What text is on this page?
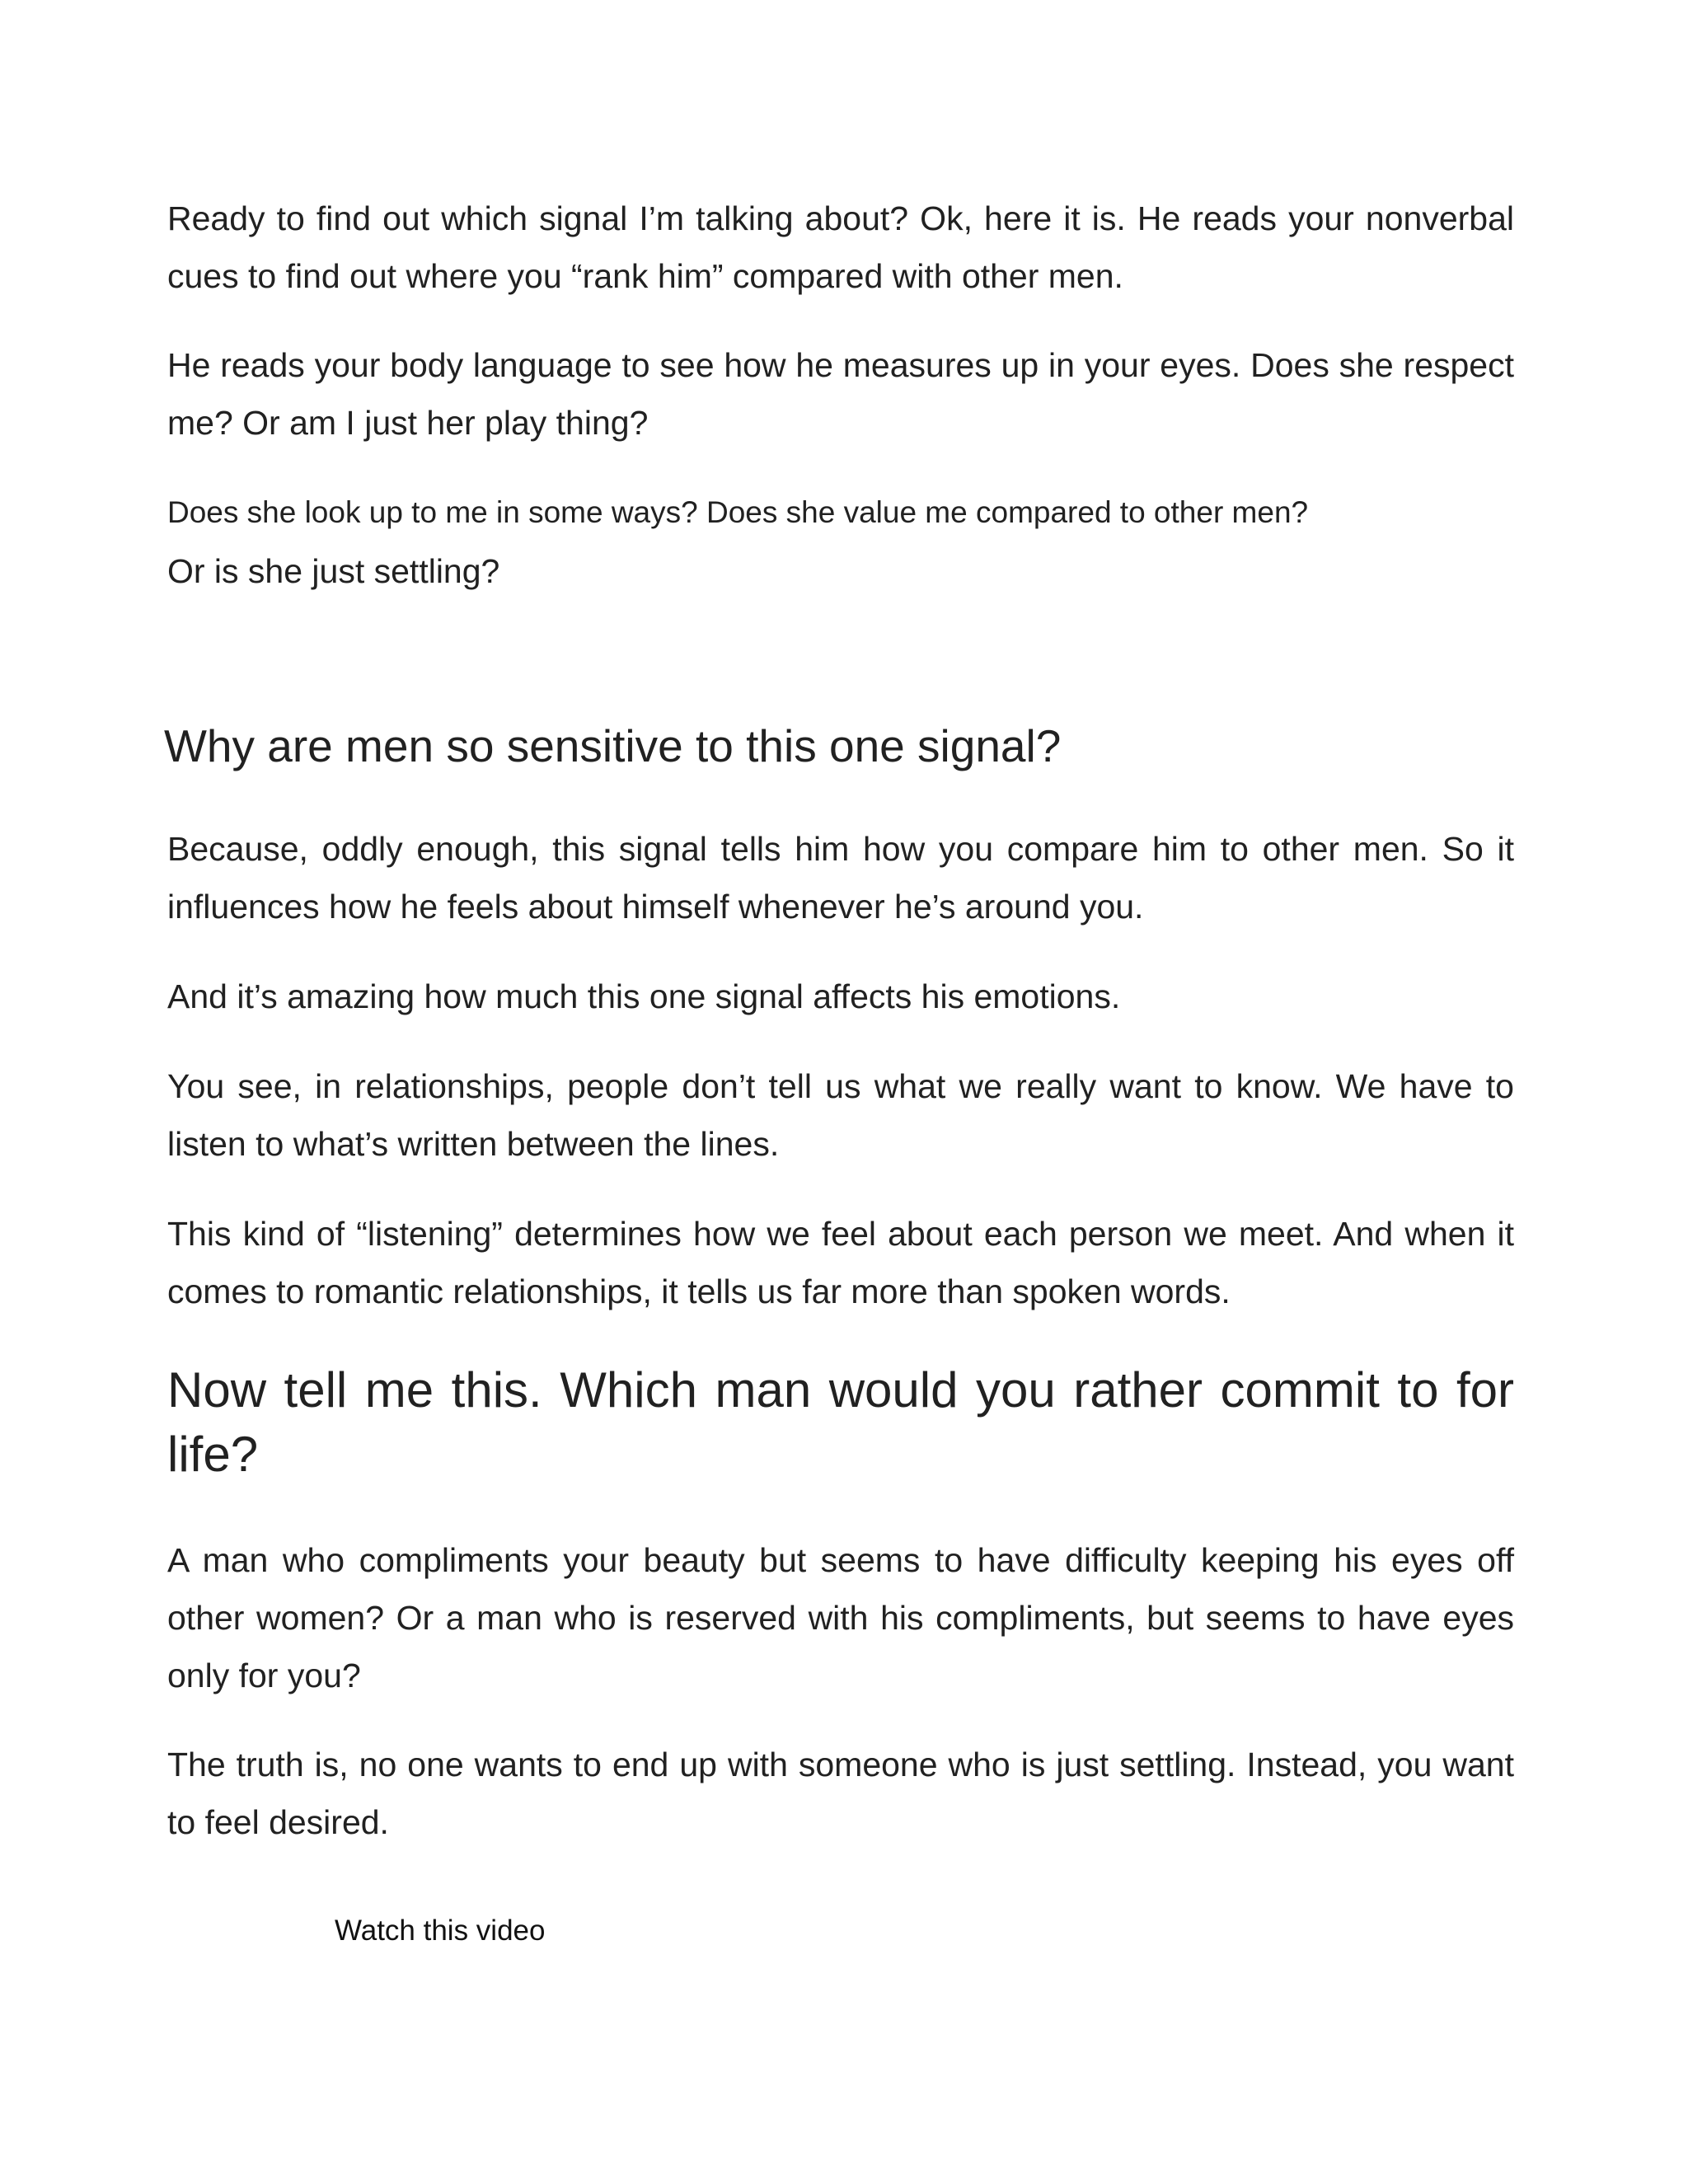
Ready to find out which signal I’m talking about? Ok, here it is. He reads your nonverbal cues to find out where you “rank him” compared with other men.

He reads your body language to see how he measures up in your eyes. Does she respect me? Or am I just her play thing?

Does she look up to me in some ways? Does she value me compared to other men?

Or is she just settling?

Why are men so sensitive to this one signal?

Because, oddly enough, this signal tells him how you compare him to other men. So it influences how he feels about himself whenever he’s around you.

And it’s amazing how much this one signal affects his emotions.

You see, in relationships, people don’t tell us what we really want to know. We have to listen to what’s written between the lines.

This kind of “listening” determines how we feel about each person we meet. And when it comes to romantic relationships, it tells us far more than spoken words.

Now tell me this. Which man would you rather commit to for life?

A man who compliments your beauty but seems to have difficulty keeping his eyes off other women? Or a man who is reserved with his compliments, but seems to have eyes only for you?

The truth is, no one wants to end up with someone who is just settling. Instead, you want to feel desired.

Watch this video
